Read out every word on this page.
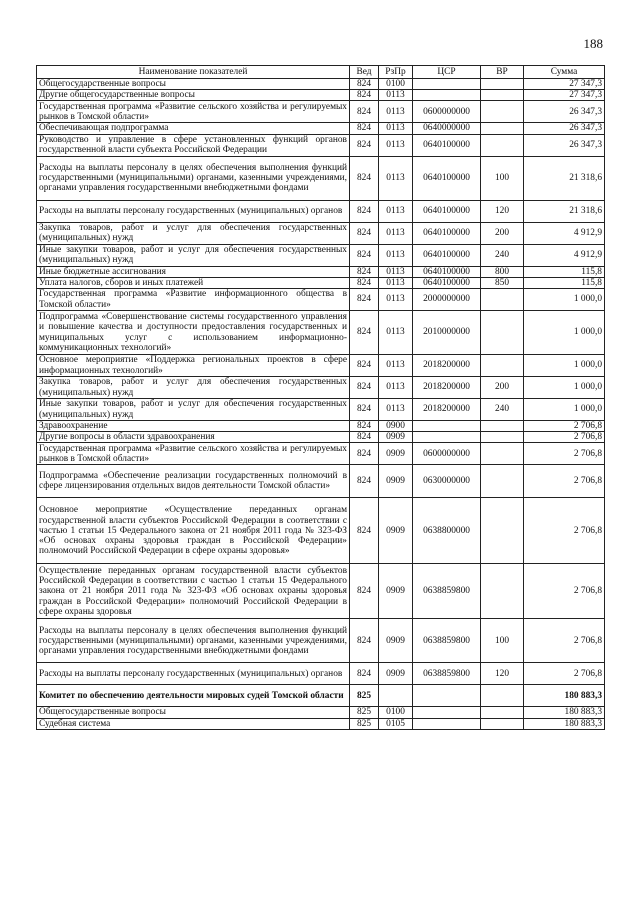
188
Наименование показателей	Вед	РзПр	ЦСР	ВР	Сумма
Общегосударственные вопросы	824	0100			27 347,3
Другие общегосударственные вопросы	824	0113			27 347,3
Государственная программа «Развитие сельского хозяйства и регулируемых рынков в Томской области»	824	0113	0600000000		26 347,3
Обеспечивающая подпрограмма	824	0113	0640000000		26 347,3
Руководство и управление в сфере установленных функций органов государственной власти субъекта Российской Федерации	824	0113	0640100000		26 347,3
Расходы на выплаты персоналу в целях обеспечения выполнения функций государственными (муниципальными) органами, казенными учреждениями, органами управления государственными внебюджетными фондами	824	0113	0640100000	100	21 318,6
Расходы на выплаты персоналу государственных (муниципальных) органов	824	0113	0640100000	120	21 318,6
Закупка товаров, работ и услуг для обеспечения государственных (муниципальных) нужд	824	0113	0640100000	200	4 912,9
Иные закупки товаров, работ и услуг для обеспечения государственных (муниципальных) нужд	824	0113	0640100000	240	4 912,9
Иные бюджетные ассигнования	824	0113	0640100000	800	115,8
Уплата налогов, сборов и иных платежей	824	0113	0640100000	850	115,8
Государственная программа «Развитие информационного общества в Томской области»	824	0113	2000000000		1 000,0
Подпрограмма «Совершенствование системы государственного управления и повышение качества и доступности предоставления государственных и муниципальных услуг с использованием информационно-коммуникационных технологий»	824	0113	2010000000		1 000,0
Основное мероприятие «Поддержка региональных проектов в сфере информационных технологий»	824	0113	2018200000		1 000,0
Закупка товаров, работ и услуг для обеспечения государственных (муниципальных) нужд	824	0113	2018200000	200	1 000,0
Иные закупки товаров, работ и услуг для обеспечения государственных (муниципальных) нужд	824	0113	2018200000	240	1 000,0
Здравоохранение	824	0900			2 706,8
Другие вопросы в области здравоохранения	824	0909			2 706,8
Государственная программа «Развитие сельского хозяйства и регулируемых рынков в Томской области»	824	0909	0600000000		2 706,8
Подпрограмма «Обеспечение реализации государственных полномочий в сфере лицензирования отдельных видов деятельности Томской области»	824	0909	0630000000		2 706,8
Основное мероприятие «Осуществление переданных органам государственной власти субъектов Российской Федерации в соответствии с частью 1 статьи 15 Федерального закона от 21 ноября 2011 года № 323-ФЗ «Об основах охраны здоровья граждан в Российской Федерации» полномочий Российской Федерации в сфере охраны здоровья»	824	0909	0638800000		2 706,8
Осуществление переданных органам государственной власти субъектов Российской Федерации в соответствии с частью 1 статьи 15 Федерального закона от 21 ноября 2011 года № 323-ФЗ «Об основах охраны здоровья граждан в Российской Федерации» полномочий Российской Федерации в сфере охраны здоровья	824	0909	0638859800		2 706,8
Расходы на выплаты персоналу в целях обеспечения выполнения функций государственными (муниципальными) органами, казенными учреждениями, органами управления государственными внебюджетными фондами	824	0909	0638859800	100	2 706,8
Расходы на выплаты персоналу государственных (муниципальных) органов	824	0909	0638859800	120	2 706,8
Комитет по обеспечению деятельности мировых судей Томской области	825				180 883,3
Общегосударственные вопросы	825	0100			180 883,3
Судебная система	825	0105			180 883,3
